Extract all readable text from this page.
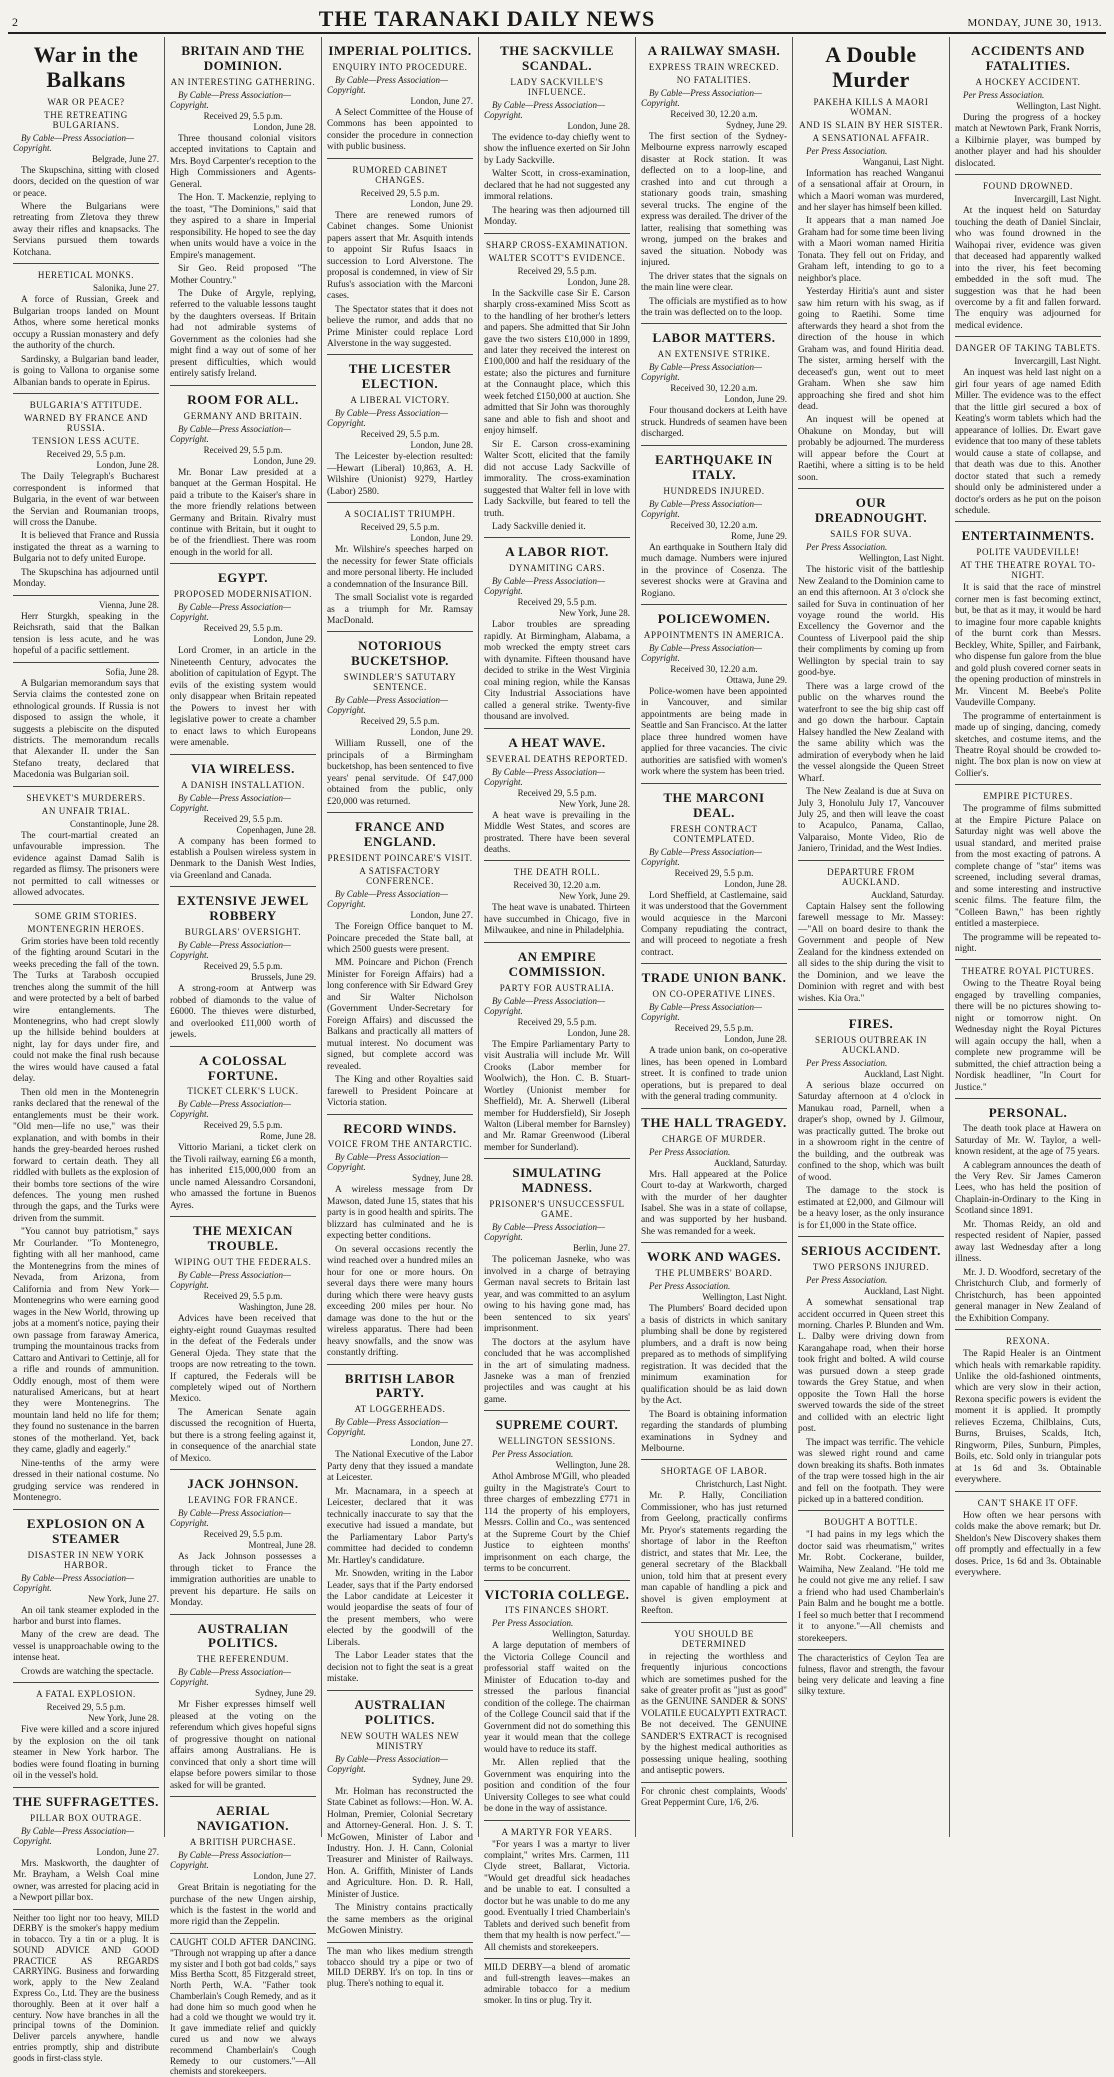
2	THE TARANAKI DAILY NEWS	MONDAY, JUNE 30, 1913.
War in the Balkans
WAR OR PEACE?
THE RETREATING BULGARIANS.
By Cable—Press Association—Copyright.
Belgrade, June 27.

The Skupschina, sitting with closed doors, decided on the question of war or peace.

Where the Bulgarians were retreating from Zletova they threw away their rifles and knapsacks. The Servians pursued them towards Kotchana.

HERETICAL MONKS.
Salonika, June 27.

A force of Russian, Greek and Bulgarian troops landed on Mount Athos, where some heretical monks occupy a Russian monastery and defy the authority of the church.

Sardinsky, a Bulgarian band leader, is going to Vallona to organise some Albanian bands to operate in Epirus.

BULGARIA'S ATTITUDE.
WARNED BY FRANCE AND RUSSIA.
TENSION LESS ACUTE.
Received 29, 5.5 p.m.
London, June 28.

The Daily Telegraph's Bucharest correspondent is informed that Bulgaria, in the event of war between the Servian and Roumanian troops, will cross the Danube.

It is believed that France and Russia instigated the threat as a warning to Bulgaria not to defy united Europe.

The Skupschina has adjourned until Monday.

Vienna, June 28.

Herr Sturgkh, speaking in the Reichsrath, said that the Balkan tension is less acute, and he was hopeful of a pacific settlement.

Sofia, June 28.

A Bulgarian memorandum says that Servia claims the contested zone on ethnological grounds. If Russia is not disposed to assign the whole, it suggests a plebiscite on the disputed districts. The memorandum recalls that Alexander II. under the San Stefano treaty, declared that Macedonia was Bulgarian soil.

SHEVKET'S MURDERERS.
AN UNFAIR TRIAL.
Constantinople, June 28.

The court-martial created an unfavourable impression. The evidence against Damad Salih is regarded as flimsy. The prisoners were not permitted to call witnesses or allowed advocates.

SOME GRIM STORIES.
MONTENEGRIN HEROES.

Grim stories have been told recently of the fighting around Scutari in the weeks preceding the fall of the town. The Turks at Tarabosh occupied trenches along the summit of the hill and were protected by a belt of barbed wire entanglements. The Montenegrins, who had crept slowly up the hillside behind boulders at night, lay for days under fire, and could not make the final rush because the wires would have caused a fatal delay.

Then old men in the Montenegrin ranks declared that the renewal of the entanglements must be their work. "Old men—life no use," was their explanation, and with bombs in their hands the grey-bearded heroes rushed forward to certain death. They all riddled with bullets as the explosion of their bombs tore sections of the wire defences. The young men rushed through the gaps, and the Turks were driven from the summit.

"You cannot buy patriotism," says Mr Courlander. "To Montenegro, fighting with all her manhood, came the Montenegrins from the mines of Nevada, from Arizona, from California and from New York—Montenegrins who were earning good wages in the New World, throwing up jobs at a moment's notice, paying their own passage from faraway America, trumping the mountainous tracks from Cattaro and Antivari to Cettinje, all for a rifle and rounds of ammunition. Oddly enough, most of them were naturalised Americans, but at heart they were Montenegrins. The mountain land held no life for them; they found no sustenance in the barren stones of the motherland. Yet, back they came, gladly and eagerly."

Nine-tenths of the army were dressed in their national costume. No grudging service was rendered in Montenegro.

EXPLOSION ON A STEAMER
DISASTER IN NEW YORK HARBOR.
By Cable—Press Association—Copyright.
New York, June 27.

An oil tank steamer exploded in the harbor and burst into flames.

Many of the crew are dead. The vessel is unapproachable owing to the intense heat.

Crowds are watching the spectacle.

A FATAL EXPLOSION.
Received 29, 5.5 p.m.
New York, June 28.

Five were killed and a score injured by the explosion on the oil tank steamer in New York harbor. The bodies were found floating in burning oil in the vessel's hold.

THE SUFFRAGETTES.
PILLAR BOX OUTRAGE.
By Cable—Press Association—Copyright.
London, June 27.

Mrs. Maskworth, the daughter of Mr. Brayham, a Welsh Coal mine owner, was arrested for placing acid in a Newport pillar box.

Neither too light nor too heavy, MILD DERBY is the smoker's happy medium in tobacco. Try a tin or a plug. It is SOUND ADVICE AND GOOD PRACTICE AS REGARDS CARRYING. Business and forwarding work, apply to the New Zealand Express Co., Ltd. They are the business thoroughly. Been at it over half a century. Now have branches in all the principal towns of the Dominion. Deliver parcels anywhere, handle entries promptly, ship and distribute goods in first-class style.
BRITAIN AND THE DOMINION.
AN INTERESTING GATHERING.
By Cable—Press Association—Copyright.
Received 29, 5.5 p.m.
London, June 28.

Three thousand colonial visitors accepted invitations to Captain and Mrs. Boyd Carpenter's reception to the High Commissioners and Agents-General.

The Hon. T. Mackenzie, replying to the toast, "The Dominions," said that they aspired to a share in Imperial responsibility. He hoped to see the day when units would have a voice in the Empire's management.

Sir Geo. Reid proposed "The Mother Country."

The Duke of Argyle, replying, referred to the valuable lessons taught by the daughters overseas. If Britain had not admirable systems of Government as the colonies had she might find a way out of some of her present difficulties, which would entirely satisfy Ireland.

ROOM FOR ALL.
GERMANY AND BRITAIN.
By Cable—Press Association—Copyright.
Received 29, 5.5 p.m.
London, June 29.

Mr. Bonar Law presided at a banquet at the German Hospital. He paid a tribute to the Kaiser's share in the more friendly relations between Germany and Britain. Rivalry must continue with Britain, but it ought to be of the friendliest. There was room enough in the world for all.

EGYPT.
PROPOSED MODERNISATION.
By Cable—Press Association—Copyright.
Received 29, 5.5 p.m.
London, June 29.

Lord Cromer, in an article in the Nineteenth Century, advocates the abolition of capitulation of Egypt. The evils of the existing system would only disappear when Britain repeated the Powers to invest her with legislative power to create a chamber to enact laws to which Europeans were amenable.

VIA WIRELESS.
A DANISH INSTALLATION.
By Cable—Press Association—Copyright.
Received 29, 5.5 p.m.
Copenhagen, June 28.

A company has been formed to establish a Poulsen wireless system in Denmark to the Danish West Indies, via Greenland and Canada.

EXTENSIVE JEWEL ROBBERY
BURGLARS' OVERSIGHT.
By Cable—Press Association—Copyright.
Received 29, 5.5 p.m.
Brussels, June 29.

A strong-room at Antwerp was robbed of diamonds to the value of £6000. The thieves were disturbed, and overlooked £11,000 worth of jewels.

A COLOSSAL FORTUNE.
TICKET CLERK'S LUCK.
By Cable—Press Association—Copyright.
Received 29, 5.5 p.m.
Rome, June 28.

Vittorio Mariani, a ticket clerk on the Tivoli railway, earning £6 a month, has inherited £15,000,000 from an uncle named Alessandro Corsandoni, who amassed the fortune in Buenos Ayres.

THE MEXICAN TROUBLE.
WIPING OUT THE FEDERALS.
By Cable—Press Association—Copyright.
Received 29, 5.5 p.m.
Washington, June 28.

Advices have been received that eighty-eight round Guaymas resulted in the defeat of the Federals under General Ojeda. They state that the troops are now retreating to the town. If captured, the Federals will be completely wiped out of Northern Mexico.

The American Senate again discussed the recognition of Huerta, but there is a strong feeling against it, in consequence of the anarchial state of Mexico.

JACK JOHNSON.
LEAVING FOR FRANCE.
By Cable—Press Association—Copyright.
Received 29, 5.5 p.m.
Montreal, June 28.

As Jack Johnson possesses a through ticket to France the immigration authorities are unable to prevent his departure. He sails on Monday.

AUSTRALIAN POLITICS.
THE REFERENDUM.
By Cable—Press Association—Copyright.
Sydney, June 29.

Mr Fisher expresses himself well pleased at the voting on the referendum which gives hopeful signs of progressive thought on national affairs among Australians. He is convinced that only a short time will elapse before powers similar to those asked for will be granted.

AERIAL NAVIGATION.
A BRITISH PURCHASE.
By Cable—Press Association—Copyright.
London, June 27.

Great Britain is negotiating for the purchase of the new Ungen airship, which is the fastest in the world and more rigid than the Zeppelin.

CAUGHT COLD AFTER DANCING. "Through not wrapping up after a dance my sister and I both got bad colds," says Miss Bertha Scott, 85 Fitzgerald street, North Perth, W.A. "Father took Chamberlain's Cough Remedy, and as it had done him so much good when he had a cold we thought we would try it. It gave immediate relief and quickly cured us and now we always recommend Chamberlain's Cough Remedy to our customers."—All chemists and storekeepers.
IMPERIAL POLITICS.
ENQUIRY INTO PROCEDURE.
By Cable—Press Association—Copyright.
London, June 27.

A Select Committee of the House of Commons has been appointed to consider the procedure in connection with public business.

RUMORED CABINET CHANGES.
Received 29, 5.5 p.m.
London, June 29.

There are renewed rumors of Cabinet changes. Some Unionist papers assert that Mr. Asquith intends to appoint Sir Rufus Isaacs in succession to Lord Alverstone. The proposal is condemned, in view of Sir Rufus's association with the Marconi cases.

The Spectator states that it does not believe the rumor, and adds that no Prime Minister could replace Lord Alverstone in the way suggested.

THE LICESTER ELECTION.
A LIBERAL VICTORY.
By Cable—Press Association—Copyright.
Received 29, 5.5 p.m.
London, June 28.

The Leicester by-election resulted:—Hewart (Liberal) 10,863, A. H. Wilshire (Unionist) 9279, Hartley (Labor) 2580.

A SOCIALIST TRIUMPH.
Received 29, 5.5 p.m.
London, June 29.

Mr. Wilshire's speeches harped on the necessity for fewer State officials and more personal liberty. He included a condemnation of the Insurance Bill.

The small Socialist vote is regarded as a triumph for Mr. Ramsay MacDonald.

NOTORIOUS BUCKETSHOP.
SWINDLER'S SATUTARY SENTENCE.
By Cable—Press Association—Copyright.
Received 29, 5.5 p.m.
London, June 29.

William Russell, one of the principals of a Birmingham bucketshop, has been sentenced to five years' penal servitude. Of £47,000 obtained from the public, only £20,000 was returned.

FRANCE AND ENGLAND.
PRESIDENT POINCARE'S VISIT.
A SATISFACTORY CONFERENCE.
By Cable—Press Association—Copyright.
London, June 27.

The Foreign Office banquet to M. Poincare preceded the State ball, at which 2500 guests were present.

MM. Poincare and Pichon (French Minister for Foreign Affairs) had a long conference with Sir Edward Grey and Sir Walter Nicholson (Government Under-Secretary for Foreign Affairs) and discussed the Balkans and practically all matters of mutual interest. No document was signed, but complete accord was revealed.

The King and other Royalties said farewell to President Poincare at Victoria station.

RECORD WINDS.
VOICE FROM THE ANTARCTIC.
By Cable—Press Association—Copyright.
Sydney, June 28.

A wireless message from Dr Mawson, dated June 15, states that his party is in good health and spirits. The blizzard has culminated and he is expecting better conditions.

On several occasions recently the wind reached over a hundred miles an hour for one or more hours. On several days there were many hours during which there were heavy gusts exceeding 200 miles per hour. No damage was done to the hut or the wireless apparatus. There had been heavy snowfalls, and the snow was constantly drifting.

BRITISH LABOR PARTY.
AT LOGGERHEADS.
By Cable—Press Association—Copyright.
London, June 27.

The National Executive of the Labor Party deny that they issued a mandate at Leicester.

Mr. Macnamara, in a speech at Leicester, declared that it was technically inaccurate to say that the executive had issued a mandate, but the Parliamentary Labor Party's committee had decided to condemn Mr. Hartley's candidature.

Mr. Snowden, writing in the Labor Leader, says that if the Party endorsed the Labor candidate at Leicester it would jeopardise the seats of four of the present members, who were elected by the goodwill of the Liberals.

The Labor Leader states that the decision not to fight the seat is a great mistake.

AUSTRALIAN POLITICS.
NEW SOUTH WALES NEW MINISTRY
By Cable—Press Association—Copyright.
Sydney, June 29.

Mr. Holman has reconstructed the State Cabinet as follows:—Hon. W. A. Holman, Premier, Colonial Secretary and Attorney-General. Hon. J. S. T. McGowen, Minister of Labor and Industry. Hon. J. H. Cann, Colonial Treasurer and Minister of Railways. Hon. A. Griffith, Minister of Lands and Agriculture. Hon. D. R. Hall, Minister of Justice.

The Ministry contains practically the same members as the original McGowen Ministry.

The man who likes medium strength tobacco should try a pipe or two of MILD DERBY. It's on top. In tins or plug. There's nothing to equal it.
THE SACKVILLE SCANDAL.
LADY SACKVILLE'S INFLUENCE.
By Cable—Press Association—Copyright.
London, June 28.

The evidence to-day chiefly went to show the influence exerted on Sir John by Lady Sackville.

Walter Scott, in cross-examination, declared that he had not suggested any immoral relations.

The hearing was then adjourned till Monday.

SHARP CROSS-EXAMINATION.
WALTER SCOTT'S EVIDENCE.
Received 29, 5.5 p.m.
London, June 28.

In the Sackville case Sir E. Carson sharply cross-examined Miss Scott as to the handling of her brother's letters and papers. She admitted that Sir John gave the two sisters £10,000 in 1899, and later they received the interest on £100,000 and half the residuary of the estate; also the pictures and furniture at the Connaught place, which this week fetched £150,000 at auction. She admitted that Sir John was thoroughly sane and able to fish and shoot and enjoy himself.

Sir E. Carson cross-examining Walter Scott, elicited that the family did not accuse Lady Sackville of immorality. The cross-examination suggested that Walter fell in love with Lady Sackville, but feared to tell the truth.

Lady Sackville denied it.

A LABOR RIOT.
DYNAMITING CARS.
By Cable—Press Association—Copyright.
Received 29, 5.5 p.m.
New York, June 28.

Labor troubles are spreading rapidly. At Birmingham, Alabama, a mob wrecked the empty street cars with dynamite. Fifteen thousand have decided to strike in the West Virginia coal mining region, while the Kansas City Industrial Associations have called a general strike. Twenty-five thousand are involved.

A HEAT WAVE.
SEVERAL DEATHS REPORTED.
By Cable—Press Association—Copyright.
Received 29, 5.5 p.m.
New York, June 28.

A heat wave is prevailing in the Middle West States, and scores are prostrated. There have been several deaths.

THE DEATH ROLL.
Received 30, 12.20 a.m.
New York, June 29.

The heat wave is unabated. Thirteen have succumbed in Chicago, five in Milwaukee, and nine in Philadelphia.

AN EMPIRE COMMISSION.
PARTY FOR AUSTRALIA.
By Cable—Press Association—Copyright.
Received 29, 5.5 p.m.
London, June 28.

The Empire Parliamentary Party to visit Australia will include Mr. Will Crooks (Labor member for Woolwich), the Hon. C. B. Stuart-Wortley (Unionist member for Sheffield), Mr. A. Sherwell (Liberal member for Huddersfield), Sir Joseph Walton (Liberal member for Barnsley) and Mr. Ramar Greenwood (Liberal member for Sunderland).

SIMULATING MADNESS.
PRISONER'S UNSUCCESSFUL GAME.
By Cable—Press Association—Copyright.
Berlin, June 27.

The policeman Jasneke, who was involved in a charge of betraying German naval secrets to Britain last year, and was committed to an asylum owing to his having gone mad, has been sentenced to six years' imprisonment.

The doctors at the asylum have concluded that he was accomplished in the art of simulating madness. Jasneke was a man of frenzied projectiles and was caught at his game.

SUPREME COURT.
WELLINGTON SESSIONS.
Per Press Association.
Wellington, June 28.

Athol Ambrose M'Gill, who pleaded guilty in the Magistrate's Court to three charges of embezzling £771 in 114 the property of his employers, Messrs. Collin and Co., was sentenced at the Supreme Court by the Chief Justice to eighteen months' imprisonment on each charge, the terms to be concurrent.

VICTORIA COLLEGE.
ITS FINANCES SHORT.
Per Press Association.
Wellington, Saturday.

A large deputation of members of the Victoria College Council and professorial staff waited on the Minister of Education to-day and stressed the parlous financial condition of the college. The chairman of the College Council said that if the Government did not do something this year it would mean that the college would have to reduce its staff.

Mr. Allen replied that the Government was enquiring into the position and condition of the four University Colleges to see what could be done in the way of assistance.

A MARTYR FOR YEARS.

"For years I was a martyr to liver complaint," writes Mrs. Carmen, 111 Clyde street, Ballarat, Victoria. "Would get dreadful sick headaches and be unable to eat. I consulted a doctor but he was unable to do me any good. Eventually I tried Chamberlain's Tablets and derived such benefit from them that my health is now perfect."—All chemists and storekeepers.

MILD DERBY—a blend of aromatic and full-strength leaves—makes an admirable tobacco for a medium smoker. In tins or plug. Try it.
A RAILWAY SMASH.
EXPRESS TRAIN WRECKED.
NO FATALITIES.
By Cable—Press Association—Copyright.
Received 30, 12.20 a.m.
Sydney, June 29.

The first section of the Sydney-Melbourne express narrowly escaped disaster at Rock station. It was deflected on to a loop-line, and crashed into and cut through a stationary goods train, smashing several trucks. The engine of the express was derailed. The driver of the latter, realising that something was wrong, jumped on the brakes and saved the situation. Nobody was injured.

The driver states that the signals on the main line were clear.

The officials are mystified as to how the train was deflected on to the loop.

LABOR MATTERS.
AN EXTENSIVE STRIKE.
By Cable—Press Association—Copyright.
Received 30, 12.20 a.m.
London, June 29.

Four thousand dockers at Leith have struck. Hundreds of seamen have been discharged.

EARTHQUAKE IN ITALY.
HUNDREDS INJURED.
By Cable—Press Association—Copyright.
Received 30, 12.20 a.m.
Rome, June 29.

An earthquake in Southern Italy did much damage. Numbers were injured in the province of Cosenza. The severest shocks were at Gravina and Rogiano.

POLICEWOMEN.
APPOINTMENTS IN AMERICA.
By Cable—Press Association—Copyright.
Received 30, 12.20 a.m.
Ottawa, June 29.

Police-women have been appointed in Vancouver, and similar appointments are being made in Seattle and San Francisco. At the latter place three hundred women have applied for three vacancies. The civic authorities are satisfied with women's work where the system has been tried.

THE MARCONI DEAL.
FRESH CONTRACT CONTEMPLATED.
By Cable—Press Association—Copyright.
Received 29, 5.5 p.m.
London, June 28.

Lord Sheffield, at Castlemaine, said it was understood that the Government would acquiesce in the Marconi Company repudiating the contract, and will proceed to negotiate a fresh contract.

TRADE UNION BANK.
ON CO-OPERATIVE LINES.
By Cable—Press Association—Copyright.
Received 29, 5.5 p.m.
London, June 28.

A trade union bank, on co-operative lines, has been opened in Lombard street. It is confined to trade union operations, but is prepared to deal with the general trading community.

THE HALL TRAGEDY.
CHARGE OF MURDER.
Per Press Association.
Auckland, Saturday.

Mrs. Hall appeared at the Police Court to-day at Warkworth, charged with the murder of her daughter Isabel. She was in a state of collapse, and was supported by her husband. She was remanded for a week.

WORK AND WAGES.
THE PLUMBERS' BOARD.
Per Press Association.
Wellington, Last Night.

The Plumbers' Board decided upon a basis of districts in which sanitary plumbing shall be done by registered plumbers, and a draft is now being prepared as to methods of simplifying registration. It was decided that the minimum examination for qualification should be as laid down by the Act.

The Board is obtaining information regarding the standards of plumbing examinations in Sydney and Melbourne.

SHORTAGE OF LABOR.
Christchurch, Last Night.

Mr. P. Hally, Conciliation Commissioner, who has just returned from Geelong, practically confirms Mr. Pryor's statements regarding the shortage of labor in the Reefton district, and states that Mr. Lee, the general secretary of the Blackball union, told him that at present every man capable of handling a pick and shovel is given employment at Reefton.

YOU SHOULD BE DETERMINED

in rejecting the worthless and frequently injurious concoctions which are sometimes pushed for the sake of greater profit as "just as good" as the GENUINE SANDER & SONS' VOLATILE EUCALYPTI EXTRACT. Be not deceived. The GENUINE SANDER'S EXTRACT is recognised by the highest medical authorities as possessing unique healing, soothing and antiseptic powers.

For chronic chest complaints, Woods' Great Peppermint Cure, 1/6, 2/6.
A Double Murder
PAKEHA KILLS A MAORI WOMAN.
AND IS SLAIN BY HER SISTER.
A SENSATIONAL AFFAIR.
Per Press Association.
Wanganui, Last Night.

Information has reached Wanganui of a sensational affair at Orourn, in which a Maori woman was murdered, and her slayer has himself been killed.

It appears that a man named Joe Graham had for some time been living with a Maori woman named Hiritia Tonata. They fell out on Friday, and Graham left, intending to go to a neighbor's place.

Yesterday Hiritia's aunt and sister saw him return with his swag, as if going to Raetihi. Some time afterwards they heard a shot from the direction of the house in which Graham was, and found Hiritia dead. The sister, arming herself with the deceased's gun, went out to meet Graham. When she saw him approaching she fired and shot him dead.

An inquest will be opened at Ohakune on Monday, but will probably be adjourned. The murderess will appear before the Court at Raetihi, where a sitting is to be held soon.

OUR DREADNOUGHT.
SAILS FOR SUVA.
Per Press Association.
Wellington, Last Night.

The historic visit of the battleship New Zealand to the Dominion came to an end this afternoon. At 3 o'clock she sailed for Suva in continuation of her voyage round the world. His Excellency the Governor and the Countess of Liverpool paid the ship their compliments by coming up from Wellington by special train to say good-bye.

There was a large crowd of the public on the wharves round the waterfront to see the big ship cast off and go down the harbour. Captain Halsey handled the New Zealand with the same ability which was the admiration of everybody when he laid the vessel alongside the Queen Street Wharf.

The New Zealand is due at Suva on July 3, Honolulu July 17, Vancouver July 25, and then will leave the coast to Acapulco, Panama, Callao, Valparaiso, Monte Video, Rio de Janiero, Trinidad, and the West Indies.

DEPARTURE FROM AUCKLAND.
Auckland, Saturday.

Captain Halsey sent the following farewell message to Mr. Massey:—"All on board desire to thank the Government and people of New Zealand for the kindness extended on all sides to the ship during the visit to the Dominion, and we leave the Dominion with regret and with best wishes. Kia Ora."

FIRES.
SERIOUS OUTBREAK IN AUCKLAND.
Per Press Association.
Auckland, Last Night.

A serious blaze occurred on Saturday afternoon at 4 o'clock in Manukau road, Parnell, when a draper's shop, owned by J. Gilmour, was practically gutted. The broke out in a showroom right in the centre of the building, and the outbreak was confined to the shop, which was built of wood.

The damage to the stock is estimated at £2,000, and Gilmour will be a heavy loser, as the only insurance is for £1,000 in the State office.

SERIOUS ACCIDENT.
TWO PERSONS INJURED.
Per Press Association.
Auckland, Last Night.

A somewhat sensational trap accident occurred in Queen street this morning. Charles P. Blunden and Wm. L. Dalby were driving down from Karangahape road, when their horse took fright and bolted. A wild course was pursued down a steep grade towards the Grey Statue, and when opposite the Town Hall the horse swerved towards the side of the street and collided with an electric light post.

The impact was terrific. The vehicle was slewed right round and came down breaking its shafts. Both inmates of the trap were tossed high in the air and fell on the footpath. They were picked up in a battered condition.

BOUGHT A BOTTLE.

"I had pains in my legs which the doctor said was rheumatism," writes Mr. Robt. Cockerane, builder, Waimiha, New Zealand. "He told me he could not give me any relief. I saw a friend who had used Chamberlain's Pain Balm and he bought me a bottle. I feel so much better that I recommend it to anyone."—All chemists and storekeepers.

The characteristics of Ceylon Tea are fulness, flavor and strength, the favour being very delicate and leaving a fine silky texture.
ACCIDENTS AND FATALITIES.
A HOCKEY ACCIDENT.
Per Press Association.
Wellington, Last Night.

During the progress of a hockey match at Newtown Park, Frank Norris, a Kilbirnie player, was bumped by another player and had his shoulder dislocated.

FOUND DROWNED.
Invercargill, Last Night.

At the inquest held on Saturday touching the death of Daniel Sinclair, who was found drowned in the Waihopai river, evidence was given that deceased had apparently walked into the river, his feet becoming embedded in the soft mud. The suggestion was that he had been overcome by a fit and fallen forward. The enquiry was adjourned for medical evidence.

DANGER OF TAKING TABLETS.
Invercargill, Last Night.

An inquest was held last night on a girl four years of age named Edith Miller. The evidence was to the effect that the little girl secured a box of Keating's worm tablets which had the appearance of lollies. Dr. Ewart gave evidence that too many of these tablets would cause a state of collapse, and that death was due to this. Another doctor stated that such a remedy should only be administered under a doctor's orders as he put on the poison schedule.

ENTERTAINMENTS.
POLITE VAUDEVILLE!
AT THE THEATRE ROYAL TO-NIGHT.

It is said that the race of minstrel corner men is fast becoming extinct, but, be that as it may, it would be hard to imagine four more capable knights of the burnt cork than Messrs. Beckley, White, Spiller, and Fairbank, who dispense fun galore from the blue and gold plush covered corner seats in the opening production of minstrels in Mr. Vincent M. Beebe's Polite Vaudeville Company.

The programme of entertainment is made up of singing, dancing, comedy sketches, and costume items, and the Theatre Royal should be crowded to-night. The box plan is now on view at Collier's.

EMPIRE PICTURES.

The programme of films submitted at the Empire Picture Palace on Saturday night was well above the usual standard, and merited praise from the most exacting of patrons. A complete change of "star" items was screened, including several dramas, and some interesting and instructive scenic films. The feature film, the "Colleen Bawn," has been rightly entitled a masterpiece.

The programme will be repeated to-night.

THEATRE ROYAL PICTURES.

Owing to the Theatre Royal being engaged by travelling companies, there will be no pictures showing to-night or tomorrow night. On Wednesday night the Royal Pictures will again occupy the hall, when a complete new programme will be submitted, the chief attraction being a Nordisk headliner, "In Court for Justice."

PERSONAL.

The death took place at Hawera on Saturday of Mr. W. Taylor, a well-known resident, at the age of 75 years.

A cablegram announces the death of the Very Rev. Sir James Cameron Lees, who has held the position of Chaplain-in-Ordinary to the King in Scotland since 1891.

Mr. Thomas Reidy, an old and respected resident of Napier, passed away last Wednesday after a long illness.

Mr. J. D. Woodford, secretary of the Christchurch Club, and formerly of Christchurch, has been appointed general manager in New Zealand of the Exhibition Company.

REXONA.

The Rapid Healer is an Ointment which heals with remarkable rapidity. Unlike the old-fashioned ointments, which are very slow in their action, Rexona specific powers is evident the moment it is applied. It promptly relieves Eczema, Chilblains, Cuts, Burns, Bruises, Scalds, Itch, Ringworm, Piles, Sunburn, Pimples, Boils, etc. Sold only in triangular pots at 1s 6d and 3s. Obtainable everywhere.

CAN'T SHAKE IT OFF.

How often we hear persons with colds make the above remark; but Dr. Sheldon's New Discovery shakes them off promptly and effectually in a few doses. Price, 1s 6d and 3s. Obtainable everywhere.
